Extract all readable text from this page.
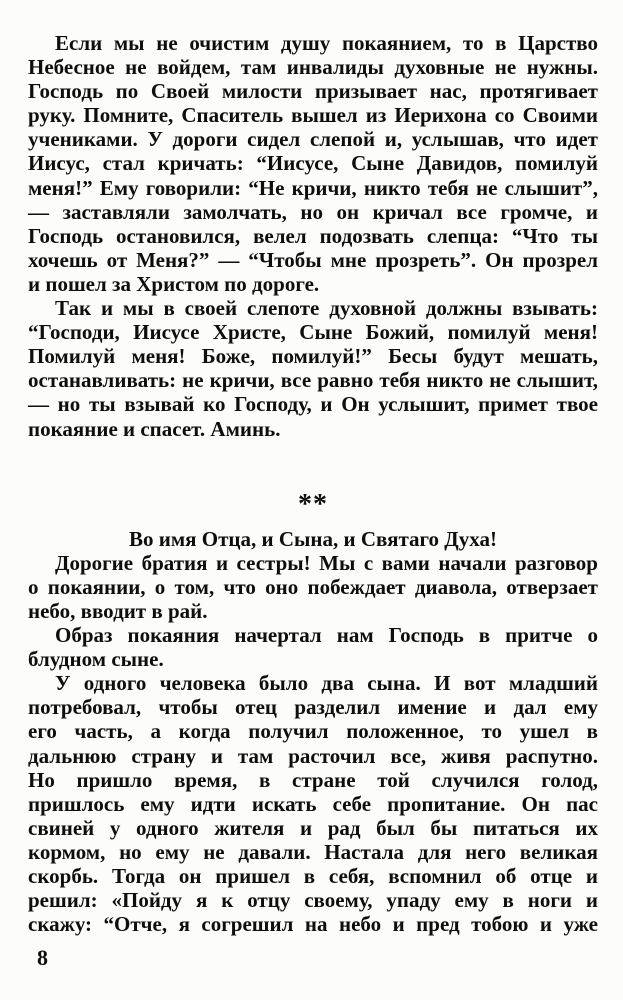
Если мы не очистим душу покаянием, то в Царство
Небесное не войдем, там инвалиды духовные не нужны.
Господь по Своей милости призывает нас, протягивает
руку. Помните, Спаситель вышел из Иерихона со Своими
учениками. У дороги сидел слепой и, услышав, что идет
Иисус, стал кричать: “Иисусе, Сыне Давидов, помилуй
меня!” Ему говорили: “Не кричи, никто тебя не слышит”,
— заставляли замолчать, но он кричал все громче, и
Господь остановился, велел подозвать слепца: “Что ты
хочешь от Меня?” — “Чтобы мне прозреть”. Он прозрел
и пошел за Христом по дороге.
Так и мы в своей слепоте духовной должны взывать:
“Господи, Иисусе Христе, Сыне Божий, помилуй меня!
Помилуй меня! Боже, помилуй!” Бесы будут мешать,
останавливать: не кричи, все равно тебя никто не слышит,
— но ты взывай ко Господу, и Он услышит, примет твое
покаяние и спасет. Аминь.
**
Во имя Отца, и Сына, и Святаго Духа!
Дорогие братия и сестры! Мы с вами начали разговор
о покаянии, о том, что оно побеждает диавола, отверзает
небо, вводит в рай.
Образ покаяния начертал нам Господь в притче о
блудном сыне.
У одного человека было два сына. И вот младший
потребовал, чтобы отец разделил имение и дал ему
его часть, а когда получил положенное, то ушел в
дальнюю страну и там расточил все, живя распутно.
Но пришло время, в стране той случился голод,
пришлось ему идти искать себе пропитание. Он пас
свиней у одного жителя и рад был бы питаться их
кормом, но ему не давали. Настала для него великая
скорбь. Тогда он пришел в себя, вспомнил об отце и
решил: «Пойду я к отцу своему, упаду ему в ноги и
скажу: “Отче, я согрешил на небо и пред тобою и уже
8
